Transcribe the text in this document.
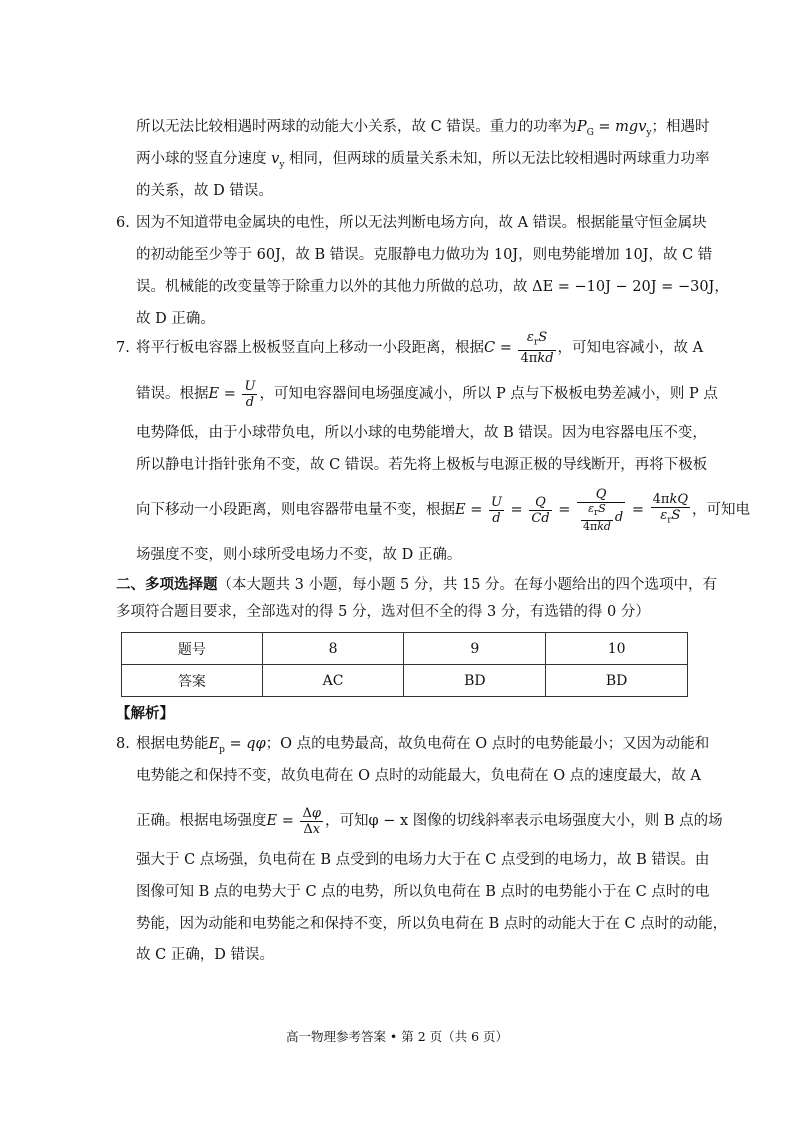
所以无法比较相遇时两球的动能大小关系，故 C 错误。重力的功率为$P_G = mgv_y$；相遇时
两小球的竖直分速度 $v_y$ 相同，但两球的质量关系未知，所以无法比较相遇时两球重力功率
的关系，故 D 错误。
6. 因为不知道带电金属块的电性，所以无法判断电场方向，故 A 错误。根据能量守恒金属块
的初动能至少等于 60J，故 B 错误。克服静电力做功为 10J，则电势能增加 10J，故 C 错
误。机械能的改变量等于除重力以外的其他力所做的总功，故 ΔE = −10J − 20J = −30J，
故 D 正确。
7. 将平行板电容器上极板竖直向上移动一小段距离，根据$C = \frac{\varepsilon_rS}{\text{4πkd}}$ ，可知电容减小，故 A
错误。根据$E = \frac{U}{d}$ ，可知电容器间电场强度减小，所以 P 点与下极板电势差减小，则 P 点
电势降低，由于小球带负电，所以小球的电势能增大，故 B 错误。因为电容器电压不变，
所以静电计指针张角不变，故 C 错误。若先将上极板与电源正极的导线断开，再将下极板
向下移动一小段距离，则电容器带电量不变，根据$E = \frac{U}{d} = \frac{Q}{Cd} = \frac{Q}{\frac{\varepsilon_rS}{\text{4πkd}} d} = \frac{\text{4πkQ}}{\varepsilon_rS}$ ，可知电
场强度不变，则小球所受电场力不变，故 D 正确。
二、多项选择题（本大题共 3 小题，每小题 5 分，共 15 分。在每小题给出的四个选项中，有
多项符合题目要求，全部选对的得 5 分，选对但不全的得 3 分，有选错的得 0 分）
题号	8	9	10
答案	AC	BD	BD
【解析】
8. 根据电势能$E_p = q\varphi$；O 点的电势最高，故负电荷在 O 点时的电势能最小；又因为动能和
电势能之和保持不变，故负电荷在 O 点时的动能最大，负电荷在 O 点的速度最大，故 A
正确。根据电场强度$E = \frac{\Delta\varphi}{\Delta x}$ ，可知φ − x 图像的切线斜率表示电场强度大小，则 B 点的场
强大于 C 点场强，负电荷在 B 点受到的电场力大于在 C 点受到的电场力，故 B 错误。由
图像可知 B 点的电势大于 C 点的电势，所以负电荷在 B 点时的电势能小于在 C 点时的电
势能，因为动能和电势能之和保持不变，所以负电荷在 B 点时的动能大于在 C 点时的动能，
故 C 正确，D 错误。
高一物理参考答案 • 第 2 页（共 6 页）
